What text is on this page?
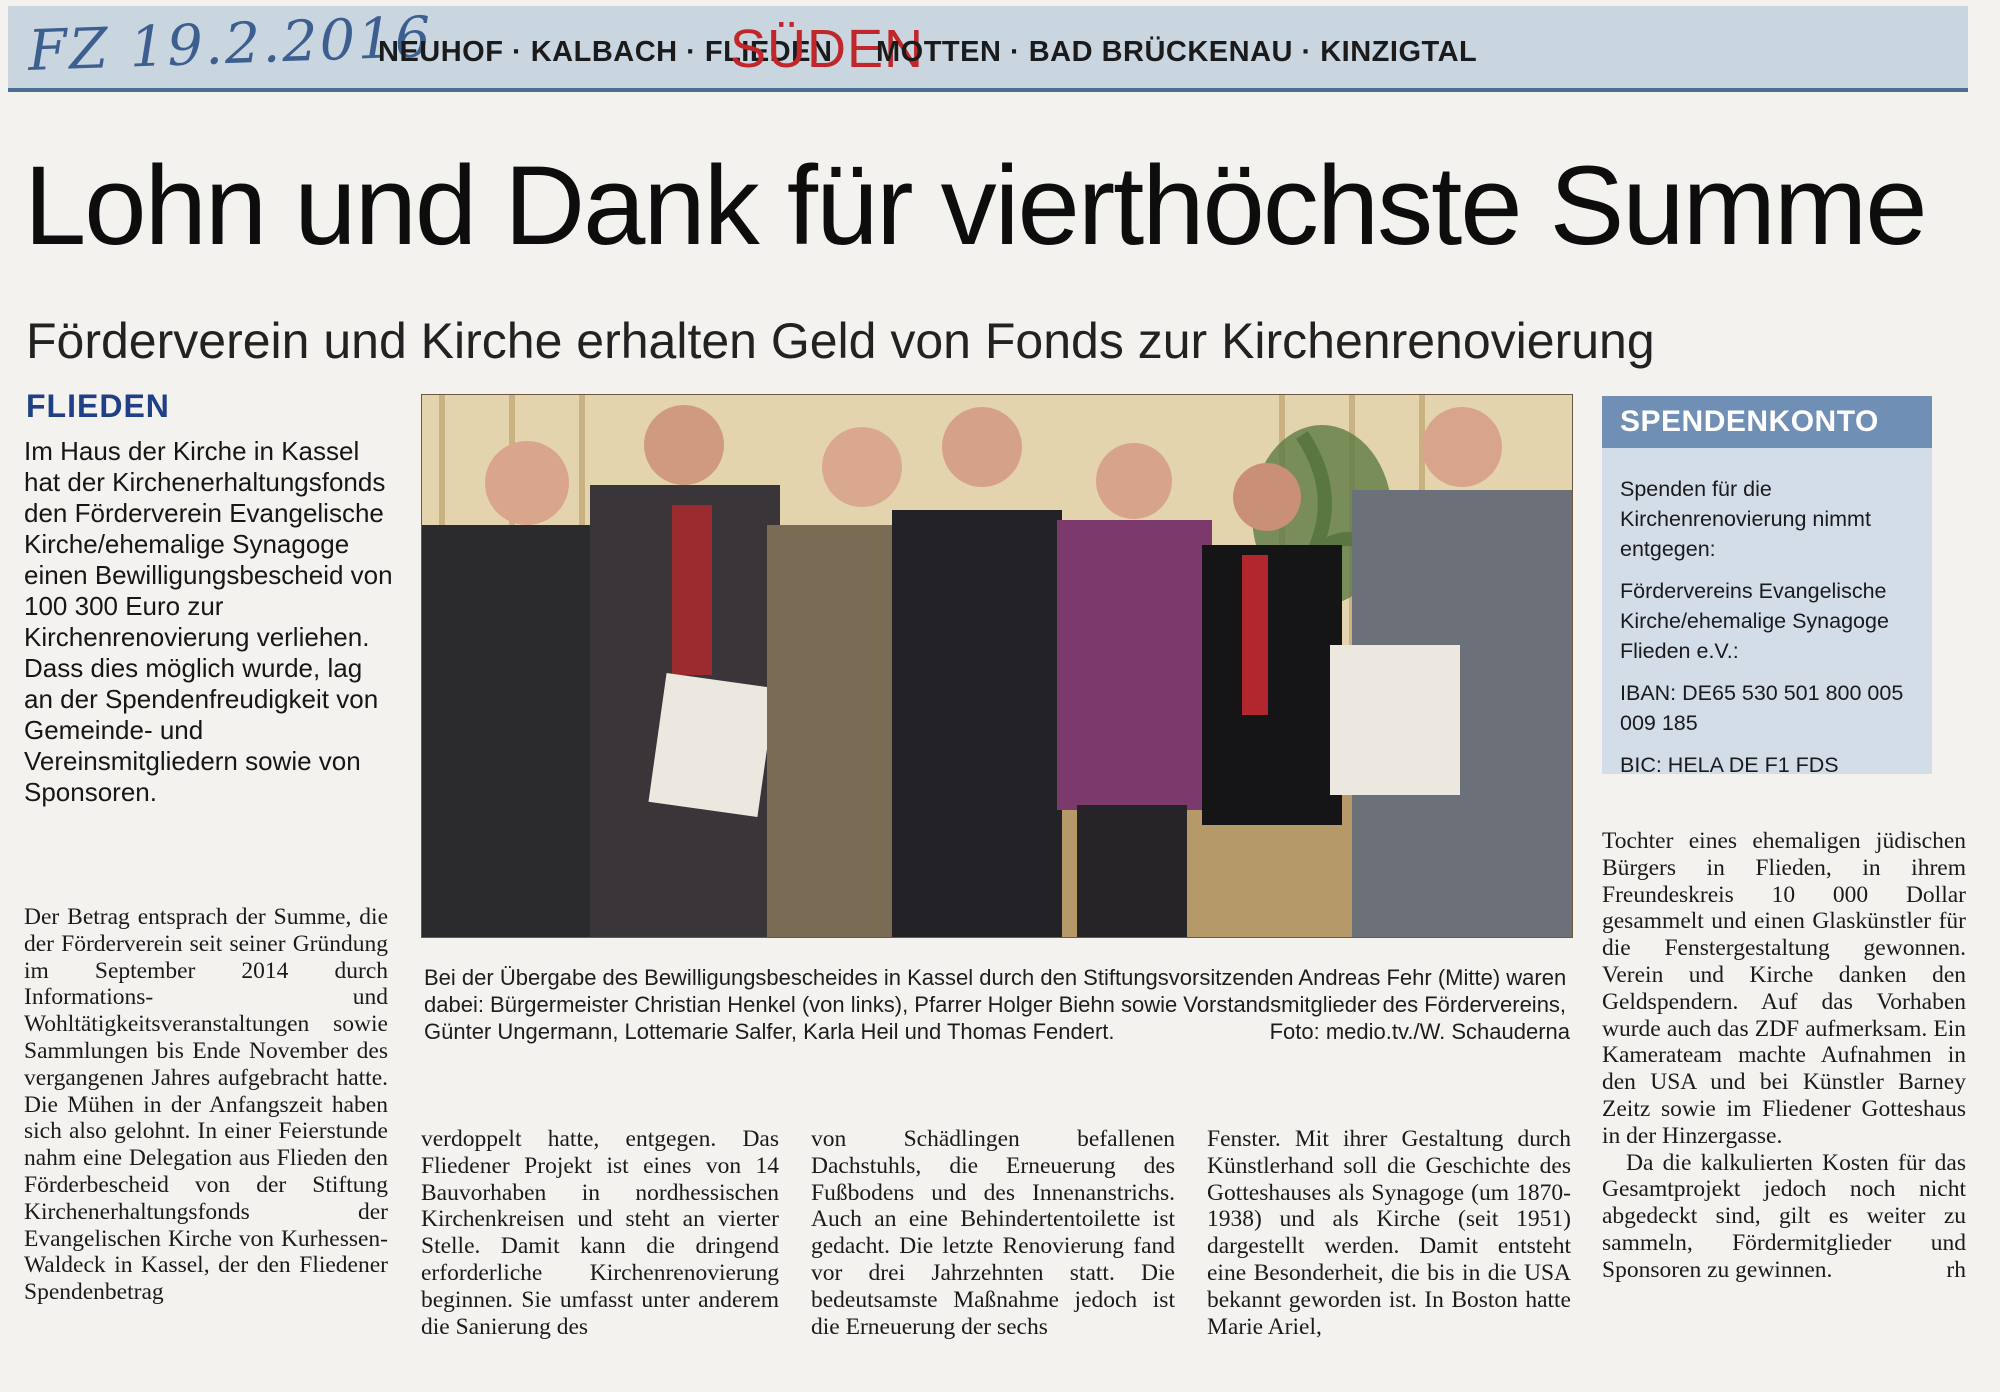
FZ 19.2.2016
NEUHOF · KALBACH · FLIEDEN
SÜDEN
MOTTEN · BAD BRÜCKENAU · KINZIGTAL
Lohn und Dank für vierthöchste Summe
Förderverein und Kirche erhalten Geld von Fonds zur Kirchenrenovierung
FLIEDEN

Im Haus der Kirche in Kassel hat der Kirchenerhaltungsfonds den Förderverein Evangelische Kirche/ehemalige Synagoge einen Bewilligungsbescheid von 100 300 Euro zur Kirchenrenovierung verliehen. Dass dies möglich wurde, lag an der Spendenfreudigkeit von Gemeinde- und Vereinsmitgliedern sowie von Sponsoren.

Der Betrag entsprach der Summe, die der Förderverein seit seiner Gründung im September 2014 durch Informations- und Wohltätigkeitsveranstaltungen sowie Sammlungen bis Ende November des vergangenen Jahres aufgebracht hatte. Die Mühen in der Anfangszeit haben sich also gelohnt. In einer Feierstunde nahm eine Delegation aus Flieden den Förderbescheid von der Stiftung Kirchenerhaltungsfonds der Evangelischen Kirche von Kurhessen-Waldeck in Kassel, der den Fliedener Spendenbetrag

Bei der Übergabe des Bewilligungsbescheides in Kassel durch den Stiftungsvorsitzenden Andreas Fehr (Mitte) waren dabei: Bürgermeister Christian Henkel (von links), Pfarrer Holger Biehn sowie Vorstandsmitglieder des Fördervereins, Günter Ungermann, Lottemarie Salfer, Karla Heil und Thomas Fendert.	Foto: medio.tv./W. Schauderna

verdoppelt hatte, entgegen. Das Fliedener Projekt ist eines von 14 Bauvorhaben in nordhessischen Kirchenkreisen und steht an vierter Stelle. Damit kann die dringend erforderliche Kirchenrenovierung beginnen. Sie umfasst unter anderem die Sanierung des

von Schädlingen befallenen Dachstuhls, die Erneuerung des Fußbodens und des Innenanstrichs. Auch an eine Behindertentoilette ist gedacht. Die letzte Renovierung fand vor drei Jahrzehnten statt. Die bedeutsamste Maßnahme jedoch ist die Erneuerung der sechs

Fenster. Mit ihrer Gestaltung durch Künstlerhand soll die Geschichte des Gotteshauses als Synagoge (um 1870-1938) und als Kirche (seit 1951) dargestellt werden. Damit entsteht eine Besonderheit, die bis in die USA bekannt geworden ist. In Boston hatte Marie Ariel,

SPENDENKONTO

Spenden für die Kirchenrenovierung nimmt entgegen:

Fördervereins Evangelische Kirche/ehemalige Synagoge Flieden e.V.:

IBAN: DE65 530 501 800 005 009 185

BIC: HELA DE F1 FDS

Tochter eines ehemaligen jüdischen Bürgers in Flieden, in ihrem Freundeskreis 10 000 Dollar gesammelt und einen Glaskünstler für die Fenstergestaltung gewonnen. Verein und Kirche danken den Geldspendern. Auf das Vorhaben wurde auch das ZDF aufmerksam. Ein Kamerateam machte Aufnahmen in den USA und bei Künstler Barney Zeitz sowie im Fliedener Gotteshaus in der Hinzergasse.

Da die kalkulierten Kosten für das Gesamtprojekt jedoch noch nicht abgedeckt sind, gilt es weiter zu sammeln, Fördermitglieder und Sponsoren zu gewinnen.	rh
